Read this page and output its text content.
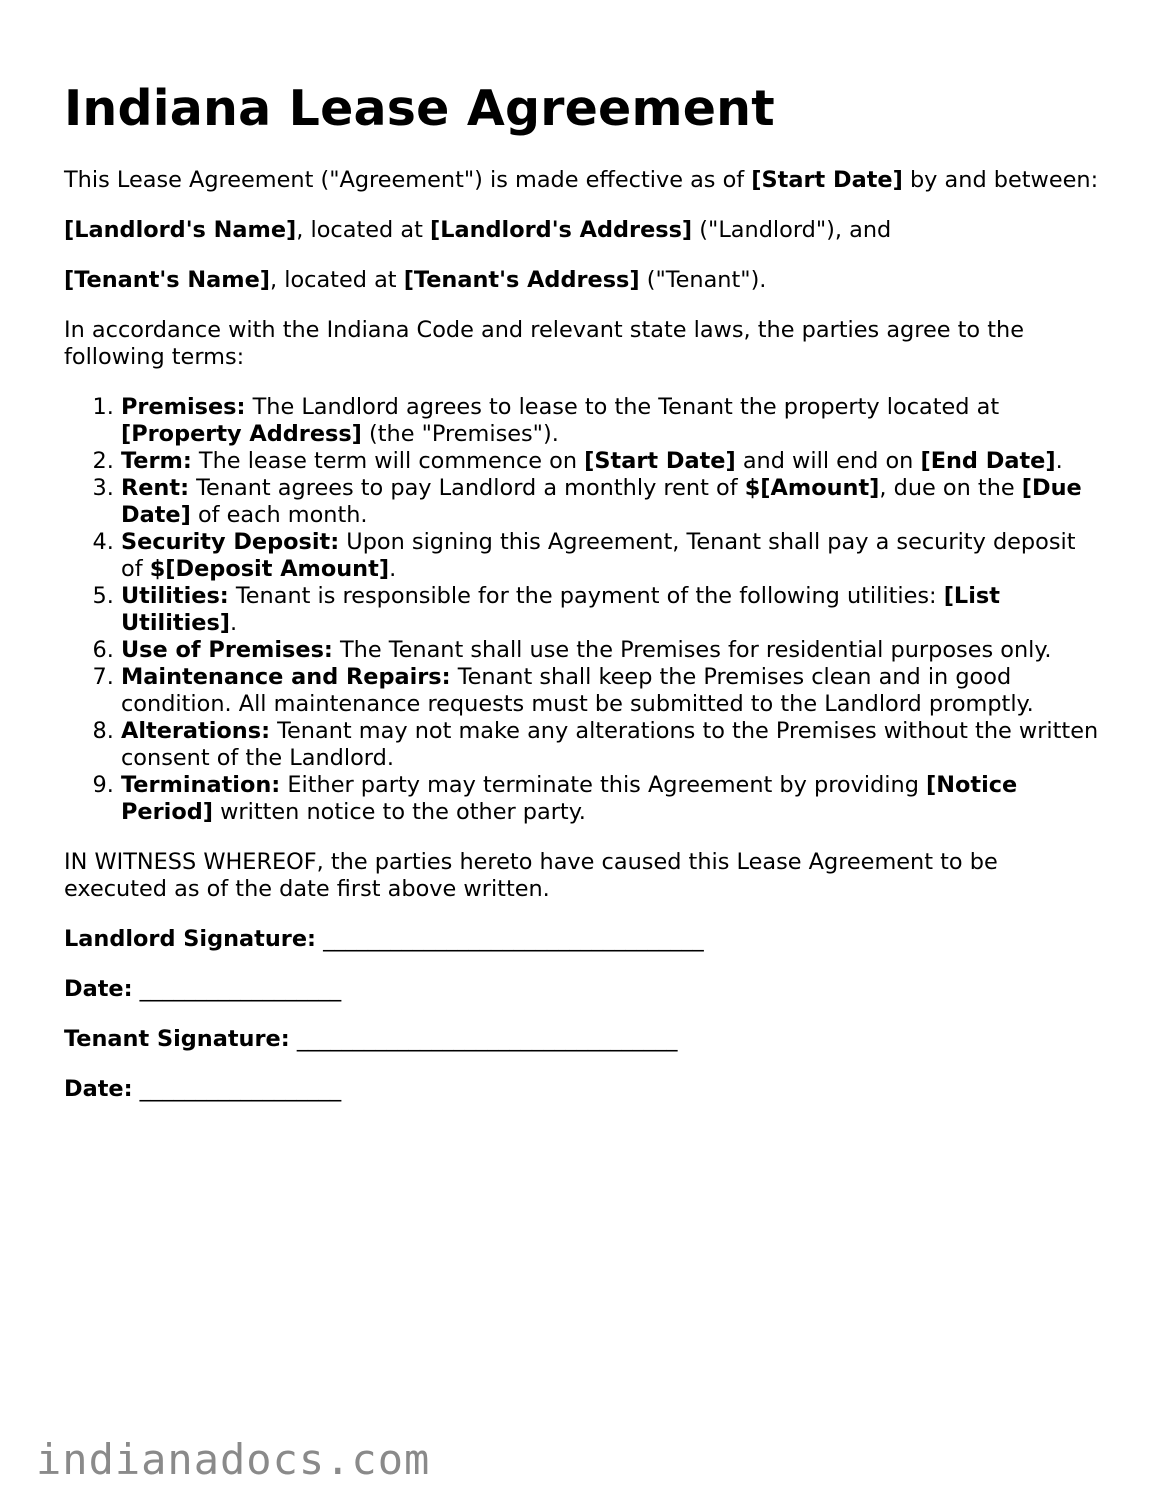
Indiana Lease Agreement

This Lease Agreement ("Agreement") is made effective as of [Start Date] by and between:

[Landlord's Name], located at [Landlord's Address] ("Landlord"), and

[Tenant's Name], located at [Tenant's Address] ("Tenant").

In accordance with the Indiana Code and relevant state laws, the parties agree to the following terms:

1. Premises: The Landlord agrees to lease to the Tenant the property located at [Property Address] (the "Premises").
2. Term: The lease term will commence on [Start Date] and will end on [End Date].
3. Rent: Tenant agrees to pay Landlord a monthly rent of $[Amount], due on the [Due Date] of each month.
4. Security Deposit: Upon signing this Agreement, Tenant shall pay a security deposit of $[Deposit Amount].
5. Utilities: Tenant is responsible for the payment of the following utilities: [List Utilities].
6. Use of Premises: The Tenant shall use the Premises for residential purposes only.
7. Maintenance and Repairs: Tenant shall keep the Premises clean and in good condition. All maintenance requests must be submitted to the Landlord promptly.
8. Alterations: Tenant may not make any alterations to the Premises without the written consent of the Landlord.
9. Termination: Either party may terminate this Agreement by providing [Notice Period] written notice to the other party.

IN WITNESS WHEREOF, the parties hereto have caused this Lease Agreement to be executed as of the date first above written.

Landlord Signature: __________________________________
Date: __________________
Tenant Signature: __________________________________
Date: __________________
indianadocs.com
